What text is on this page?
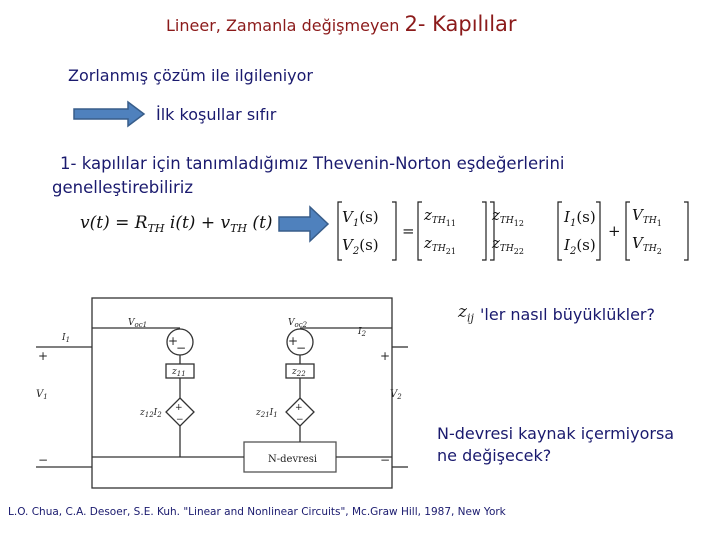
Lineer, Zamanla değişmeyen 2- Kapılılar
Zorlanmış çözüm ile ilgileniyor
İlk koşullar sıfır
1- kapılılar için tanımladığımız Thevenin-Norton eşdeğerlerini
genelleştirebiliriz
$v(t) = R_{TH}$ $i(t) + v_{TH}$ (t)	$V_1(s)$
$V_2(s)$
=
$z_{TH11}$ $z_{TH12}$
$z_{TH21}$ $z_{TH22}$
$I_1(s)$
$I_2(s)$
+
$V_{TH1}$
$V_{TH2}$
+
−	+
−
+
−
+
−
$V_{oc1}$	$V_{oc2}$
$z_{11}$	$z_{22}$
$z_{12}I_2$	$z_{21}I_1$
$I_1$
$I_2$
$V_1$	$V_2$
+
−
+
−
N-devresi
$z_{ij}$ 'ler nasıl büyüklükler?
N-devresi kaynak içermiyorsa
ne değişecek?
L.O. Chua, C.A. Desoer, S.E. Kuh. "Linear and Nonlinear Circuits", Mc.Graw Hill, 1987, New York
